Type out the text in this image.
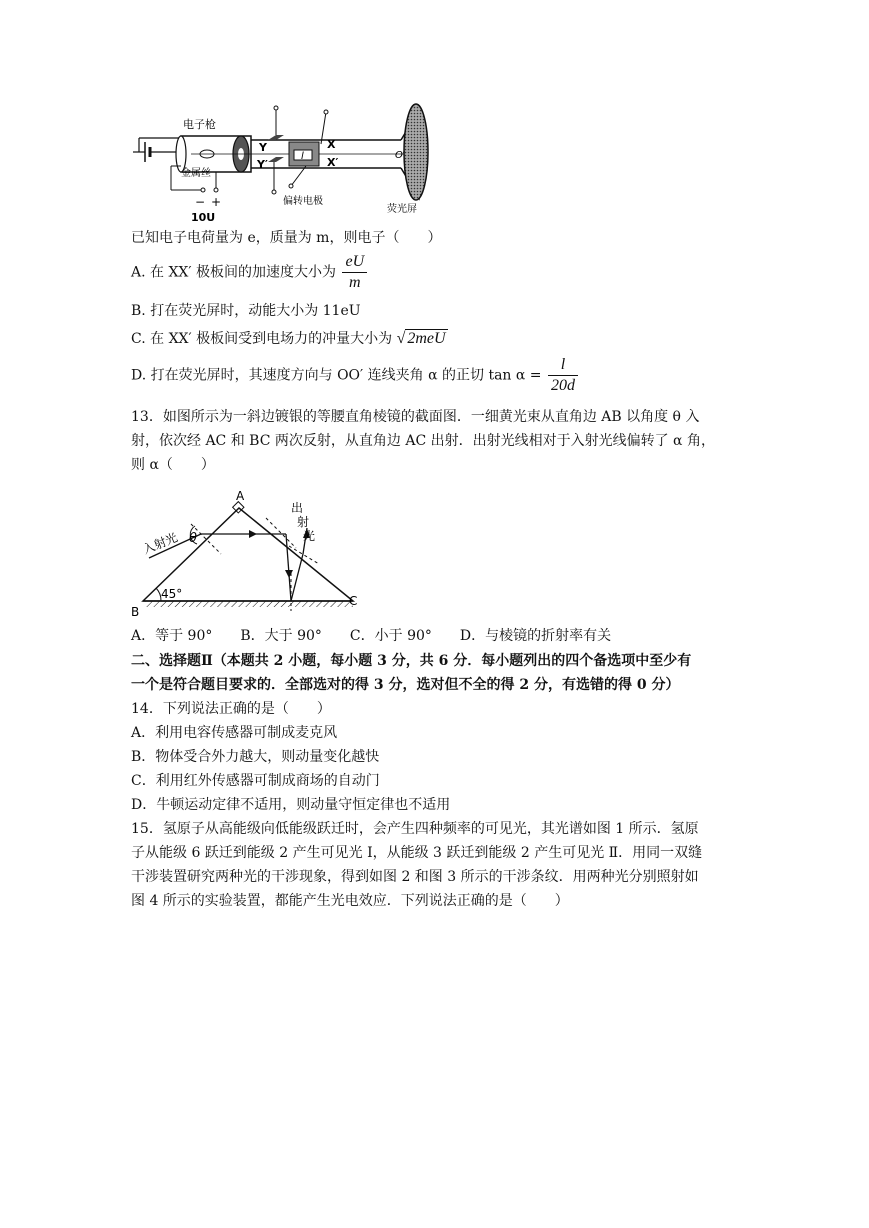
电子枪
金属丝
Y
Y′
X
X′
l	O′
− +
10U
偏转电极
荧光屏
已知电子电荷量为 e，质量为 m，则电子（　　）
A. 在 XX′ 极板间的加速度大小为 $\frac{eU}{m}$
B. 打在荧光屏时，动能大小为 11eU
C. 在 XX′ 极板间受到电场力的冲量大小为 √ 2meU
D. 打在荧光屏时，其速度方向与 OO′ 连线夹角 α 的正切 $\tan \alpha = \frac{l}{20d}$
13．如图所示为一斜边镀银的等腰直角棱镜的截面图．一细黄光束从直角边 AB 以角度 θ 入
射，依次经 AC 和 BC 两次反射，从直角边 AC 出射．出射光线相对于入射光线偏转了 α 角，
则 α（　　）
A
B
C
入射光 θ
45°
出
射
光
A．等于 90°　　B．大于 90°　　C．小于 90°　　D．与棱镜的折射率有关
二、选择题Ⅱ（本题共 2 小题，每小题 3 分，共 6 分．每小题列出的四个备选项中至少有
一个是符合题目要求的．全部选对的得 3 分，选对但不全的得 2 分，有选错的得 0 分）
14．下列说法正确的是（　　）
A．利用电容传感器可制成麦克风
B．物体受合外力越大，则动量变化越快
C．利用红外传感器可制成商场的自动门
D．牛顿运动定律不适用，则动量守恒定律也不适用
15．氢原子从高能级向低能级跃迁时，会产生四种频率的可见光，其光谱如图 1 所示．氢原
子从能级 6 跃迁到能级 2 产生可见光 Ⅰ，从能级 3 跃迁到能级 2 产生可见光 Ⅱ．用同一双缝
干涉装置研究两种光的干涉现象，得到如图 2 和图 3 所示的干涉条纹．用两种光分别照射如
图 4 所示的实验装置，都能产生光电效应．下列说法正确的是（　　）
